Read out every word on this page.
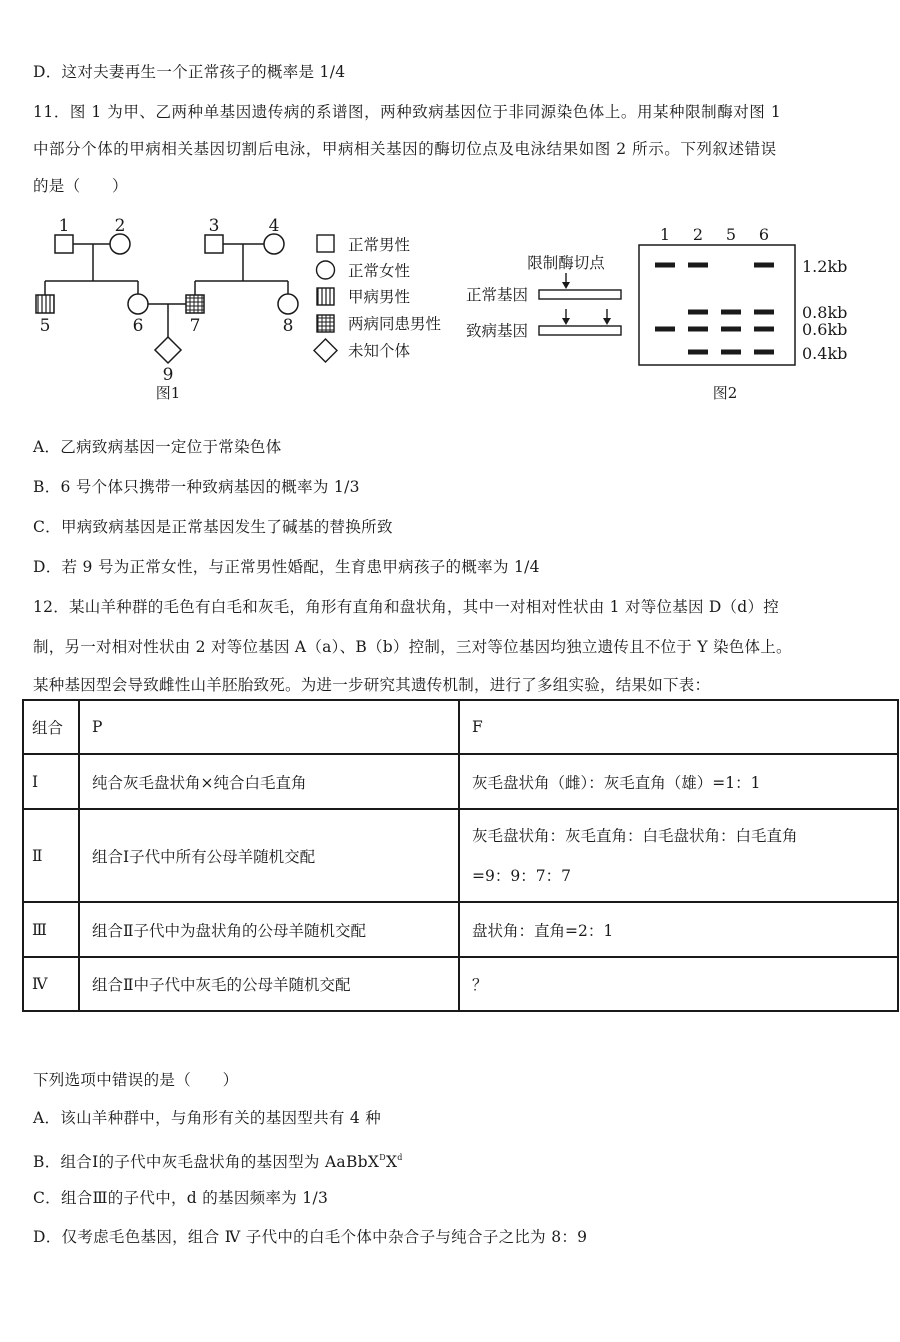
D．这对夫妻再生一个正常孩子的概率是 1/4
11．图 1 为甲、乙两种单基因遗传病的系谱图，两种致病基因位于非同源染色体上。用某种限制酶对图 1
中部分个体的甲病相关基因切割后电泳，甲病相关基因的酶切位点及电泳结果如图 2 所示。下列叙述错误
的是（　　）
1	2	3	4
5	6	7	8
9
图1
正常男性
正常女性
甲病男性
两病同患男性
未知个体
限制酶切点
正常基因
致病基因
1 2 5 6
1.2kb
0.8kb
0.6kb
0.4kb
图2
A．乙病致病基因一定位于常染色体
B．6 号个体只携带一种致病基因的概率为 1/3
C．甲病致病基因是正常基因发生了碱基的替换所致
D．若 9 号为正常女性，与正常男性婚配，生育患甲病孩子的概率为 1/4
12．某山羊种群的毛色有白毛和灰毛，角形有直角和盘状角，其中一对相对性状由 1 对等位基因 D（d）控
制，另一对相对性状由 2 对等位基因 A（a）、B（b）控制，三对等位基因均独立遗传且不位于 Y 染色体上。
某种基因型会导致雌性山羊胚胎致死。为进一步研究其遗传机制，进行了多组实验，结果如下表：
组合	P	F
Ⅰ	纯合灰毛盘状角×纯合白毛直角	灰毛盘状角（雌）：灰毛直角（雄）=1：1
Ⅱ	组合Ⅰ子代中所有公母羊随机交配	灰毛盘状角：灰毛直角：白毛盘状角：白毛直角
=9：9：7：7

Ⅲ	组合Ⅱ子代中为盘状角的公母羊随机交配	盘状角：直角=2：1
Ⅳ	组合Ⅱ中子代中灰毛的公母羊随机交配	？
下列选项中错误的是（　　）
A．该山羊种群中，与角形有关的基因型共有 4 种
B．组合Ⅰ的子代中灰毛盘状角的基因型为 $AaBbX^DX^d$
C．组合Ⅲ的子代中，d 的基因频率为 1/3
D．仅考虑毛色基因，组合 Ⅳ 子代中的白毛个体中杂合子与纯合子之比为 8：9
